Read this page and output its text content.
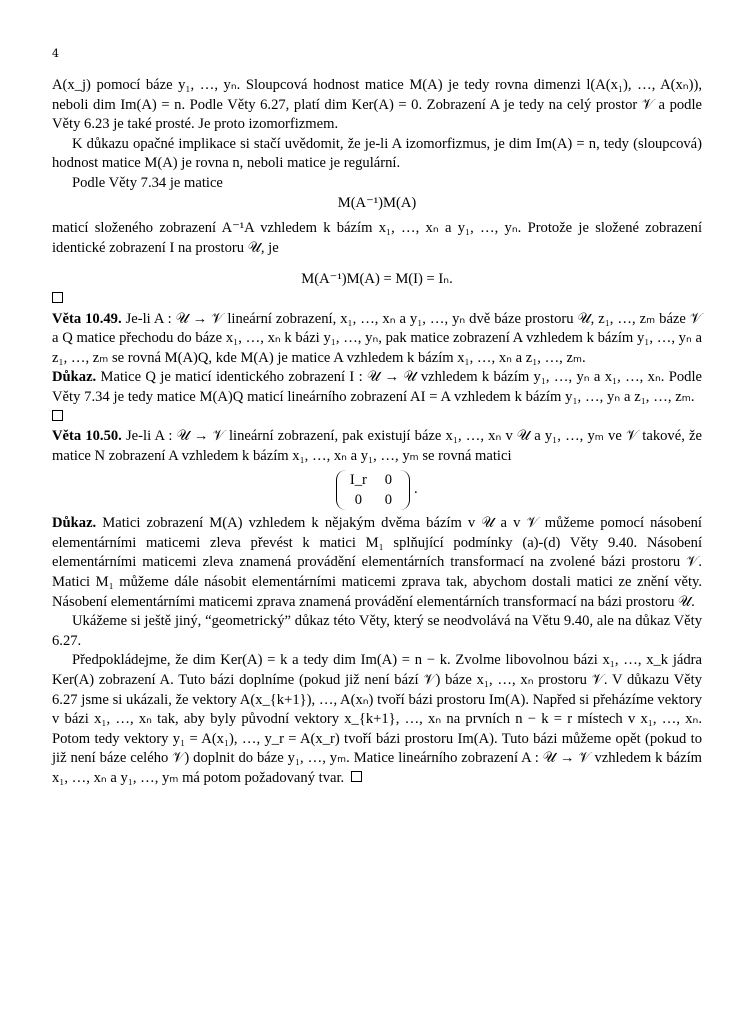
4

A(x_j) pomocí báze y₁, …, yₙ. Sloupcová hodnost matice M(A) je tedy rovna dimenzi l(A(x₁), …, A(xₙ)), neboli dim Im(A) = n. Podle Věty 6.27, platí dim Ker(A) = 0. Zobrazení A je tedy na celý prostor 𝒱 a podle Věty 6.23 je také prosté. Je proto izomorfizmem.

K důkazu opačné implikace si stačí uvědomit, že je-li A izomorfizmus, je dim Im(A) = n, tedy (sloupcová) hodnost matice M(A) je rovna n, neboli matice je regulární.

Podle Věty 7.34 je matice

M(A⁻¹)M(A)

maticí složeného zobrazení A⁻¹A vzhledem k bázím x₁, …, xₙ a y₁, …, yₙ. Protože je složené zobrazení identické zobrazení I na prostoru 𝒰, je

M(A⁻¹)M(A) = M(I) = Iₙ.

Věta 10.49. Je-li A : 𝒰 → 𝒱 lineární zobrazení, x₁, …, xₙ a y₁, …, yₙ dvě báze prostoru 𝒰, z₁, …, zₘ báze 𝒱 a Q matice přechodu do báze x₁, …, xₙ k bázi y₁, …, yₙ, pak matice zobrazení A vzhledem k bázím y₁, …, yₙ a z₁, …, zₘ se rovná M(A)Q, kde M(A) je matice A vzhledem k bázím x₁, …, xₙ a z₁, …, zₘ.

Důkaz. Matice Q je maticí identického zobrazení I : 𝒰 → 𝒰 vzhledem k bázím y₁, …, yₙ a x₁, …, xₙ. Podle Věty 7.34 je tedy matice M(A)Q maticí lineárního zobrazení AI = A vzhledem k bázím y₁, …, yₙ a z₁, …, zₘ.

Věta 10.50. Je-li A : 𝒰 → 𝒱 lineární zobrazení, pak existují báze x₁, …, xₙ v 𝒰 a y₁, …, yₘ ve 𝒱 takové, že matice N zobrazení A vzhledem k bázím x₁, …, xₙ a y₁, …, yₘ se rovná matici

I_r	0
0	0
.

Důkaz. Matici zobrazení M(A) vzhledem k nějakým dvěma bázím v 𝒰 a v 𝒱 můžeme pomocí násobení elementárními maticemi zleva převést k matici M₁ splňující podmínky (a)-(d) Věty 9.40. Násobení elementárními maticemi zleva znamená provádění elementárních transformací na zvolené bázi prostoru 𝒱. Matici M₁ můžeme dále násobit elementárními maticemi zprava tak, abychom dostali matici ze znění věty. Násobení elementárními maticemi zprava znamená provádění elementárních transformací na bázi prostoru 𝒰.

Ukážeme si ještě jiný, “geometrický” důkaz této Věty, který se neodvolává na Větu 9.40, ale na důkaz Věty 6.27.

Předpokládejme, že dim Ker(A) = k a tedy dim Im(A) = n − k. Zvolme libovolnou bázi x₁, …, x_k jádra Ker(A) zobrazení A. Tuto bázi doplníme (pokud již není bází 𝒱) báze x₁, …, xₙ prostoru 𝒱. V důkazu Věty 6.27 jsme si ukázali, že vektory A(x_{k+1}), …, A(xₙ) tvoří bázi prostoru Im(A). Napřed si přeházíme vektory v bázi x₁, …, xₙ tak, aby byly původní vektory x_{k+1}, …, xₙ na prvních n − k = r místech v x₁, …, xₙ. Potom tedy vektory y₁ = A(x₁), …, y_r = A(x_r) tvoří bázi prostoru Im(A). Tuto bázi můžeme opět (pokud to již není báze celého 𝒱) doplnit do báze y₁, …, yₘ. Matice lineárního zobrazení A : 𝒰 → 𝒱 vzhledem k bázím x₁, …, xₙ a y₁, …, yₘ má potom požadovaný tvar.
